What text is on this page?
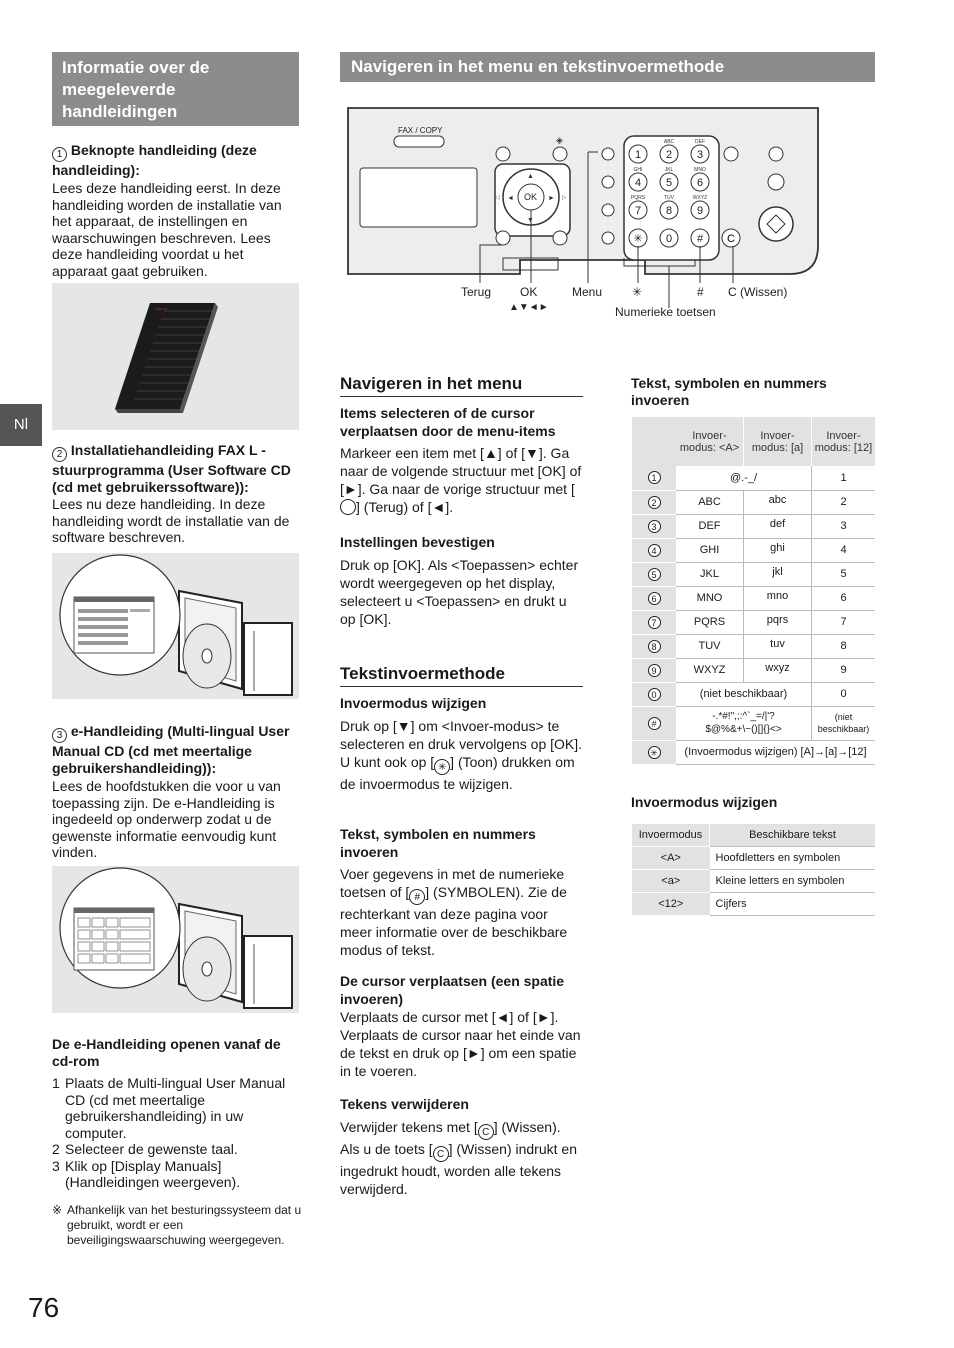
Informatie over de meegeleverde handleidingen
1 Beknopte handleiding (deze handleiding):
Lees deze handleiding eerst. In deze handleiding worden de installatie van het apparaat, de instellingen en waarschuwingen beschreven. Lees deze handleiding voordat u het apparaat gaat gebruiken.
Canon
2 Installatiehandleiding FAX L -stuurprogramma (User Software CD (cd met gebruikerssoftware)):
Lees nu deze handleiding. In deze handleiding wordt de installatie van de software beschreven.
3 e-Handleiding (Multi-lingual User Manual CD (cd met meertalige gebruikershandleiding)):
Lees de hoofdstukken die voor u van toepassing zijn. De e-Handleiding is ingedeeld op onderwerp zodat u de gewenste informatie eenvoudig kunt vinden.
De e-Handleiding openen vanaf de cd-rom
1 Plaats de Multi-lingual User Manual CD (cd met meertalige gebruikershandleiding) in uw computer.
2 Selecteer de gewenste taal.
3 Klik op [Display Manuals] (Handleidingen weergeven).
※ Afhankelijk van het besturingssysteem dat u gebruikt, wordt er een beveiligingswaarschuwing weergegeven.
Nl
76
Navigeren in het menu en tekstinvoermethode
FAX / COPY
◈
OK
▲
▼
◄	►
◁	▷
1 2
ABC
3
DEF
4
GHI
5
JKL
6
MNO
7
PQRS
8
TUV
9
WXYZ
✳ 0 # C
Terug OK
▲▼◄►
Menu ✳	# C (Wissen)
Numerieke toetsen
Navigeren in het menu
Items selecteren of de cursor verplaatsen door de menu-items
Markeer een item met [▲] of [▼]. Ga naar de volgende structuur met [OK] of [►]. Ga naar de vorige structuur met [] (Terug) of [◄].
Instellingen bevestigen
Druk op [OK]. Als <Toepassen> echter wordt weergegeven op het display, selecteert u <Toepassen> en drukt u op [OK].
Tekstinvoermethode
Invoermodus wijzigen
Druk op [▼] om <Invoer-modus> te selecteren en druk vervolgens op [OK]. U kunt ook op [ ✳ ] (Toon) drukken om de invoermodus te wijzigen.
Tekst, symbolen en nummers invoeren
Voer gegevens in met de numerieke toetsen of [ # ] (SYMBOLEN). Zie de rechterkant van deze pagina voor meer informatie over de beschikbare modus of tekst.
De cursor verplaatsen (een spatie invoeren)
Verplaats de cursor met [◄] of [►]. Verplaats de cursor naar het einde van de tekst en druk op [►] om een spatie in te voeren.
Tekens verwijderen
Verwijder tekens met [ C ] (Wissen). Als u de toets [ C ] (Wissen) indrukt en ingedrukt houdt, worden alle tekens verwijderd.
Tekst, symbolen en nummers invoeren
	Invoer-modus: <A>	Invoer-modus: [a]	Invoer-modus: [12]
1	@.-_/		1
2	ABC	abc	2
3	DEF	def	3
4	GHI	ghi	4
5	JKL	jkl	5
6	MNO	mno	6
7	PQRS	pqrs	7
8	TUV	tuv	8
9	WXYZ	wxyz	9
0	(niet beschikbaar)		0
#	-.*#!",;:^`_=/|'?$@%&+\~()[]{}<>		(niet beschikbaar)
✳	(Invoermodus wijzigen) [A]→[a]→[12]		
Invoermodus wijzigen
Invoermodus	Beschikbare tekst
<A>	Hoofdletters en symbolen
<a>	Kleine letters en symbolen
<12>	Cijfers
